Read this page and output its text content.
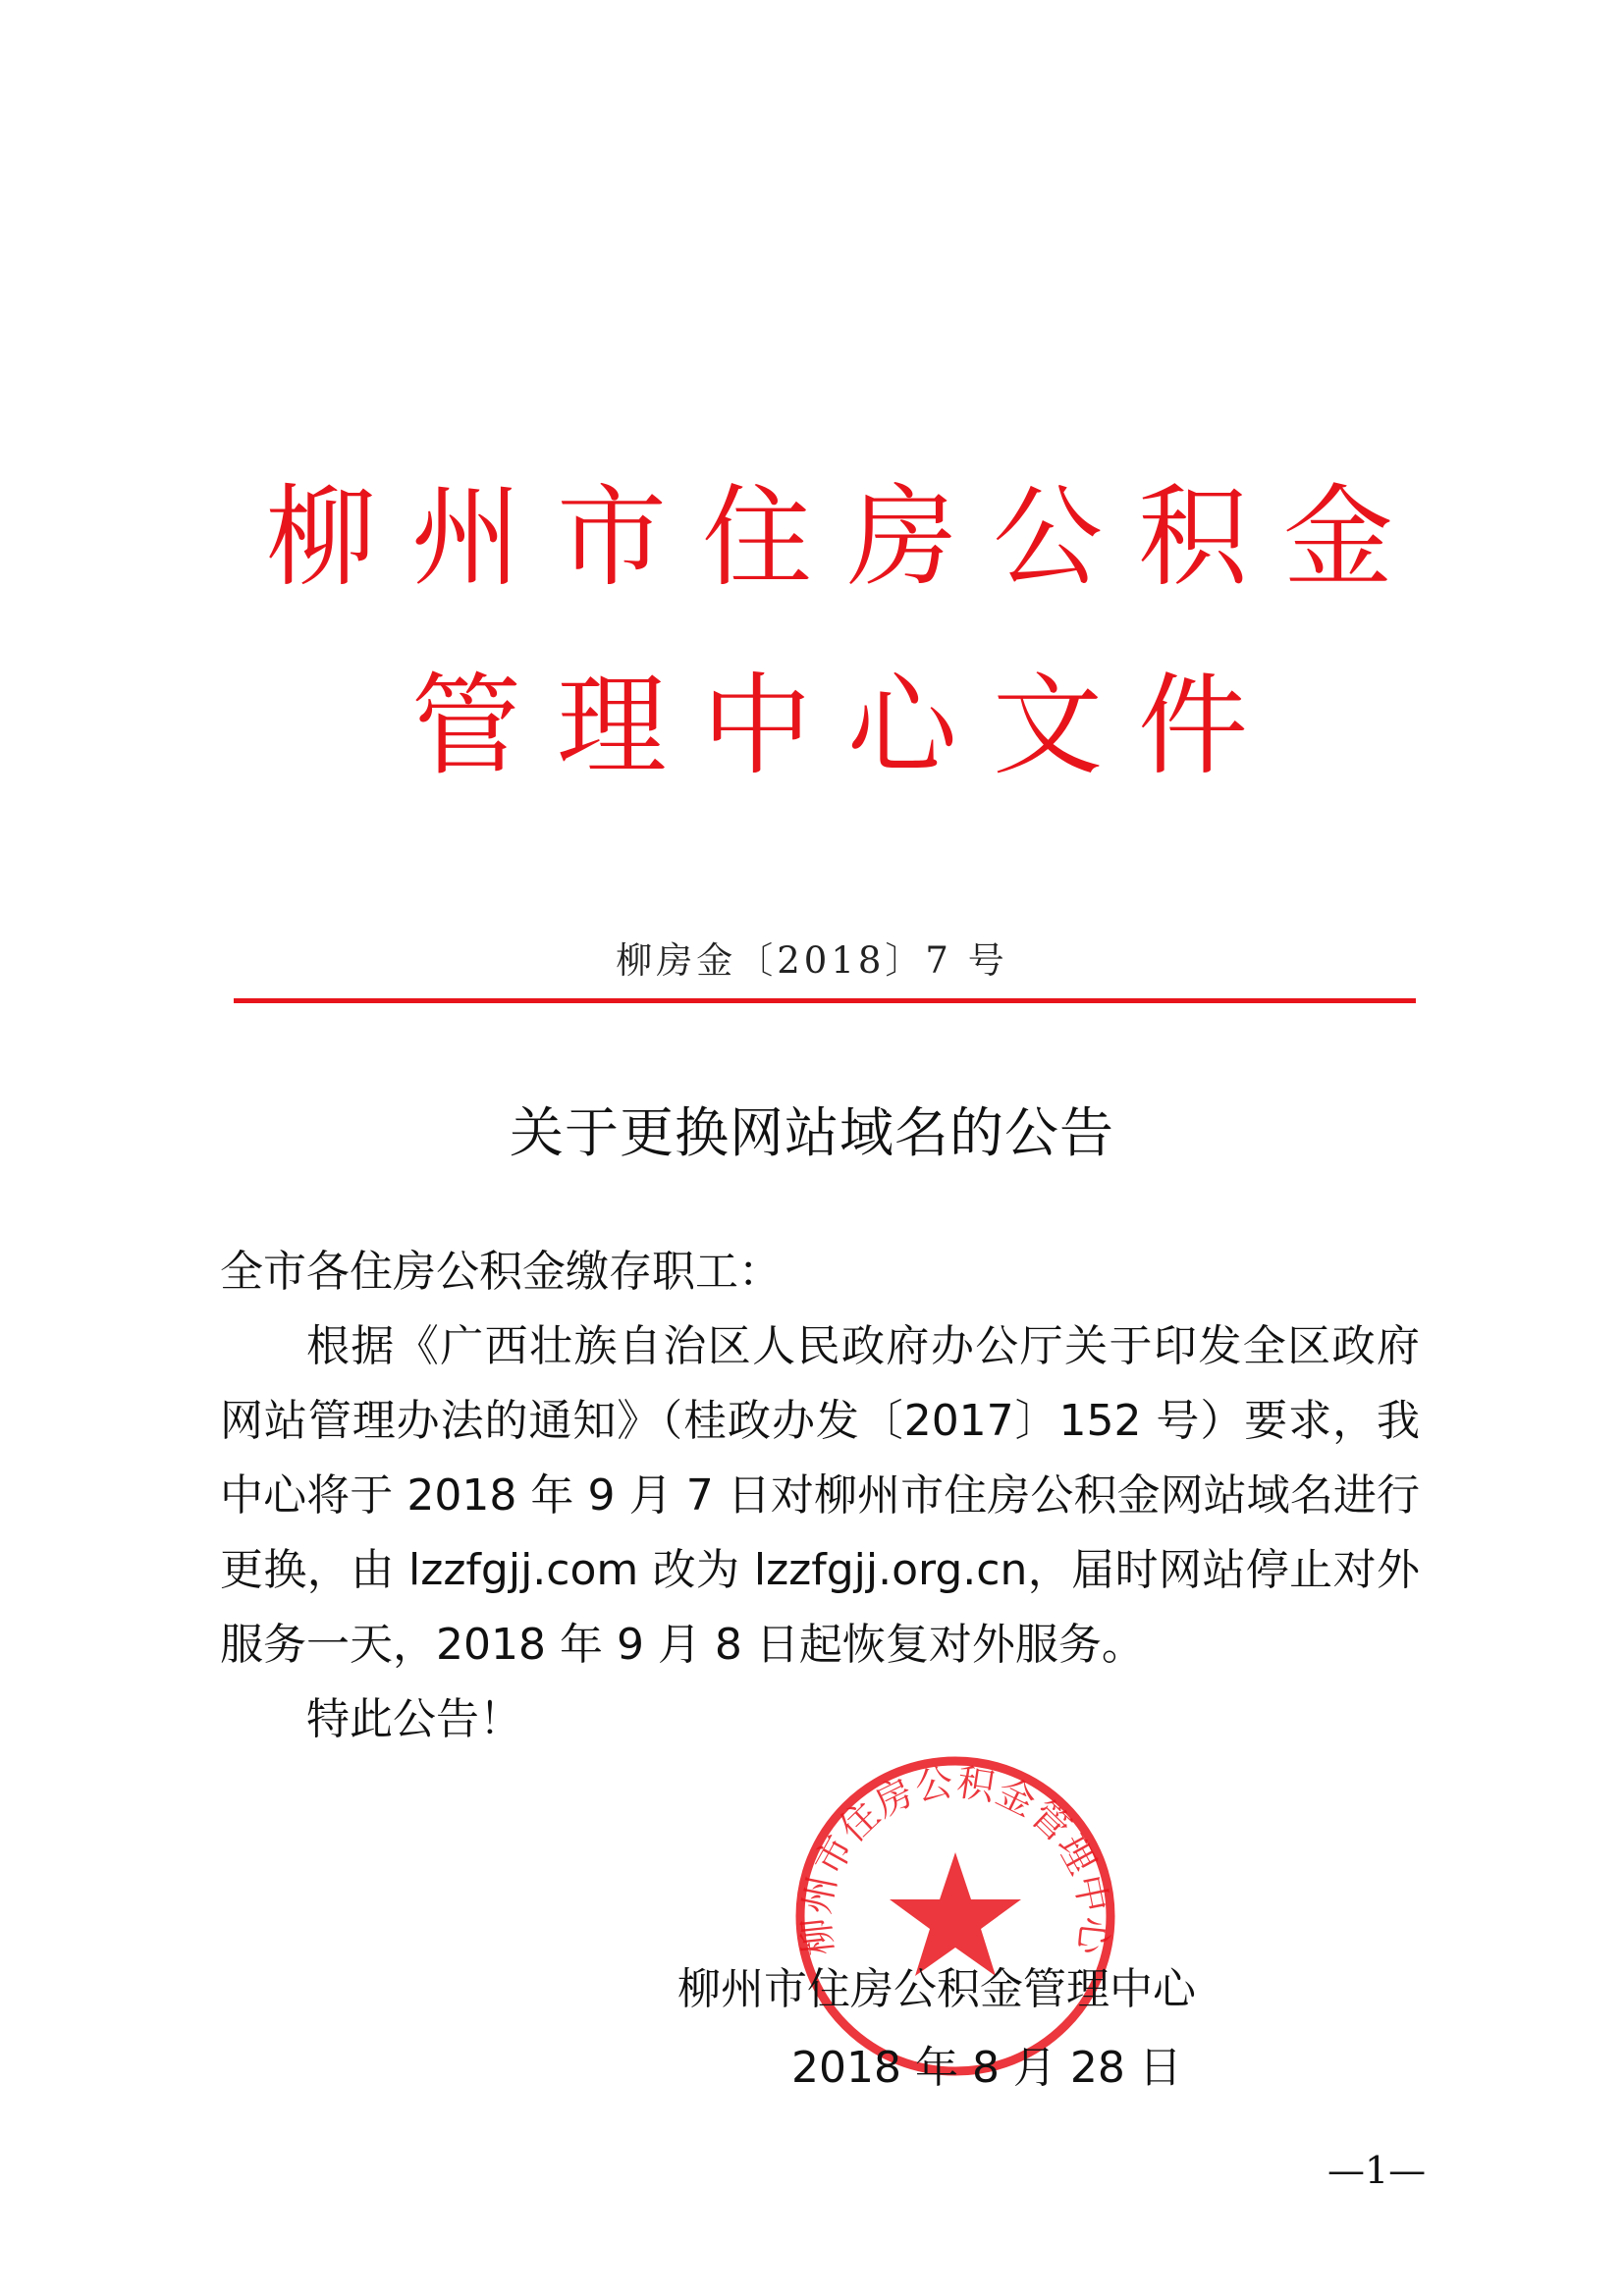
柳州市住房公积金
管理中心文件
柳房金〔2018〕7 号
关于更换网站域名的公告
全市各住房公积金缴存职工：
根据《广西壮族自治区人民政府办公厅关于印发全区政府网站管理办法的通知》（桂政办发〔2017〕152 号）要求，我中心将于 2018 年 9 月 7 日对柳州市住房公积金网站域名进行更换，由 lzzfgjj.com 改为 lzzfgjj.org.cn，届时网站停止对外服务一天，2018 年 9 月 8 日起恢复对外服务。
特此公告！
柳州市住房公积金管理中心
柳州市住房公积金管理中心
2018 年 8 月 28 日
—1—
